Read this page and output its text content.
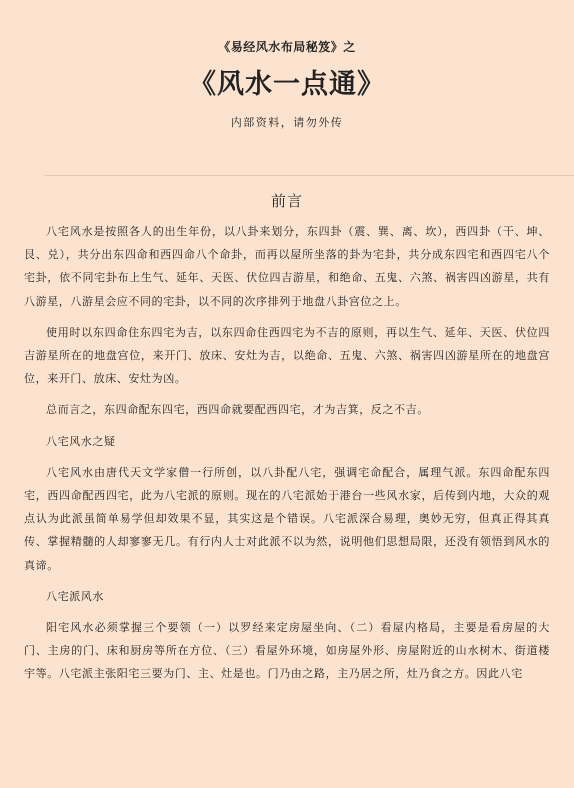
《易经风水布局秘笈》之
《风水一点通》
内部资料，请勿外传
前言

八宅风水是按照各人的出生年份，以八卦来划分，东四卦（震、巽、离、坎），西四卦（干、坤、艮、兑），共分出东四命和西四命八个命卦，而再以屋所坐落的卦为宅卦，共分成东四宅和西四宅八个宅卦，依不同宅卦布上生气、延年、天医、伏位四吉游星，和绝命、五鬼、六煞、祸害四凶游星，共有八游星，八游星会应不同的宅卦，以不同的次序排列于地盘八卦宫位之上。

使用时以东四命住东四宅为吉，以东四命住西四宅为不吉的原则，再以生气、延年、天医、伏位四吉游星所在的地盘宫位，来开门、放床、安灶为吉，以绝命、五鬼、六煞、祸害四凶游星所在的地盘宫位，来开门、放床、安灶为凶。

总而言之，东四命配东四宅，西四命就要配西四宅，才为吉箕，反之不吉。

八宅风水之疑

八宅风水由唐代天文学家僧一行所创，以八卦配八宅，强调宅命配合，属理气派。东四命配东四宅，西四命配西四宅，此为八宅派的原则。现在的八宅派始于港台一些风水家，后传到内地，大众的观点认为此派虽简单易学但却效果不显，其实这是个错误。八宅派深合易理，奥妙无穷，但真正得其真传、掌握精髓的人却寥寥无几。有行内人士对此派不以为然，说明他们思想局限，还没有领悟到风水的真谛。

八宅派风水

阳宅风水必须掌握三个要领（一）以罗经来定房屋坐向、（二）看屋内格局，主要是看房屋的大门、主房的门、床和厨房等所在方位、（三）看屋外环境，如房屋外形、房屋附近的山水树木、街道楼宇等。八宅派主张阳宅三要为门、主、灶是也。门乃由之路，主乃居之所，灶乃食之方。因此八宅
